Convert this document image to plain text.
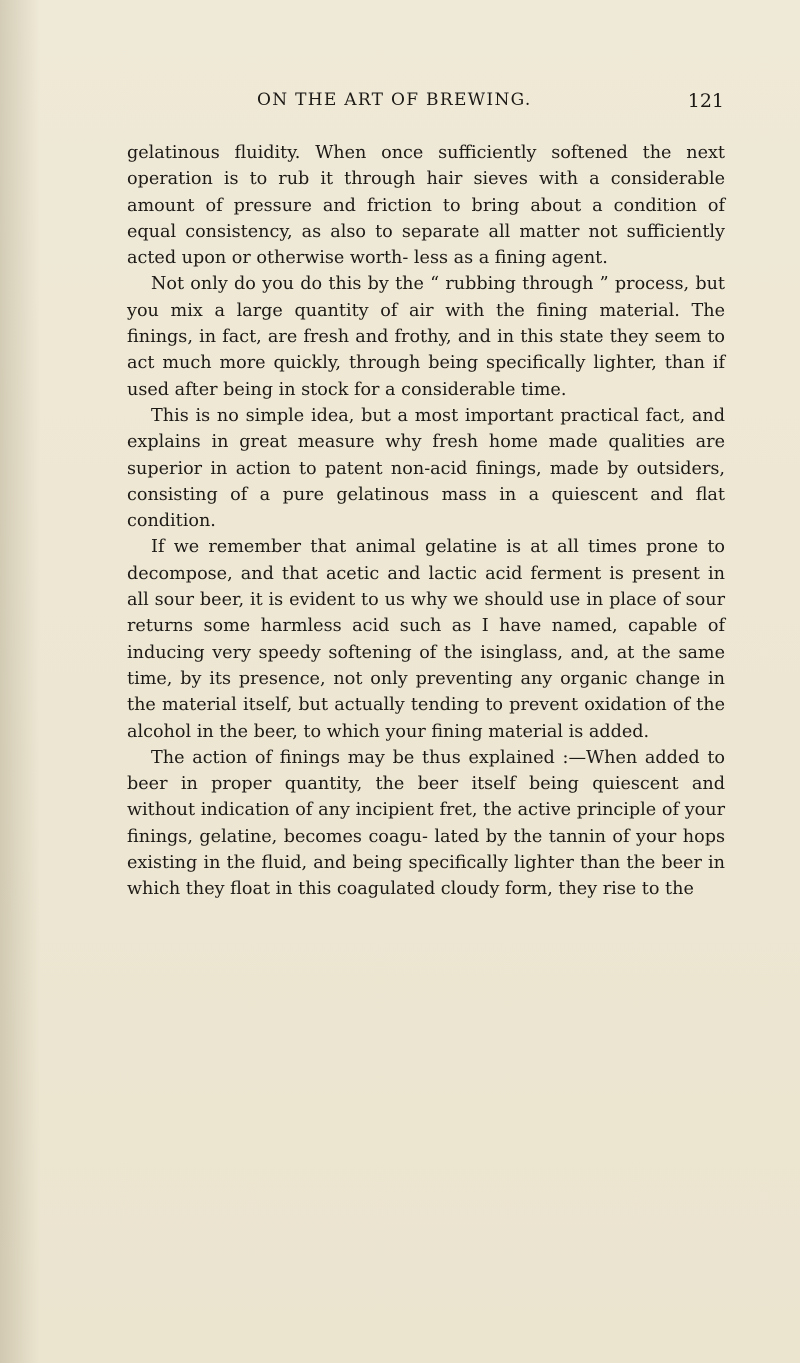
ON THE ART OF BREWING.	121

gelatinous fluidity. When once sufficiently softened the next operation is to rub it through hair sieves with a considerable amount of pressure and friction to bring about a condition of equal consistency, as also to separate all matter not sufficiently acted upon or otherwise worth- less as a fining agent.

Not only do you do this by the “ rubbing through ” process, but you mix a large quantity of air with the fining material. The finings, in fact, are fresh and frothy, and in this state they seem to act much more quickly, through being specifically lighter, than if used after being in stock for a considerable time.

This is no simple idea, but a most important practical fact, and explains in great measure why fresh home made qualities are superior in action to patent non-acid finings, made by outsiders, consisting of a pure gelatinous mass in a quiescent and flat condition.

If we remember that animal gelatine is at all times prone to decompose, and that acetic and lactic acid ferment is present in all sour beer, it is evident to us why we should use in place of sour returns some harmless acid such as I have named, capable of inducing very speedy softening of the isinglass, and, at the same time, by its presence, not only preventing any organic change in the material itself, but actually tending to prevent oxidation of the alcohol in the beer, to which your fining material is added.

The action of finings may be thus explained :—When added to beer in proper quantity, the beer itself being quiescent and without indication of any incipient fret, the active principle of your finings, gelatine, becomes coagu- lated by the tannin of your hops existing in the fluid, and being specifically lighter than the beer in which they float in this coagulated cloudy form, they rise to the
